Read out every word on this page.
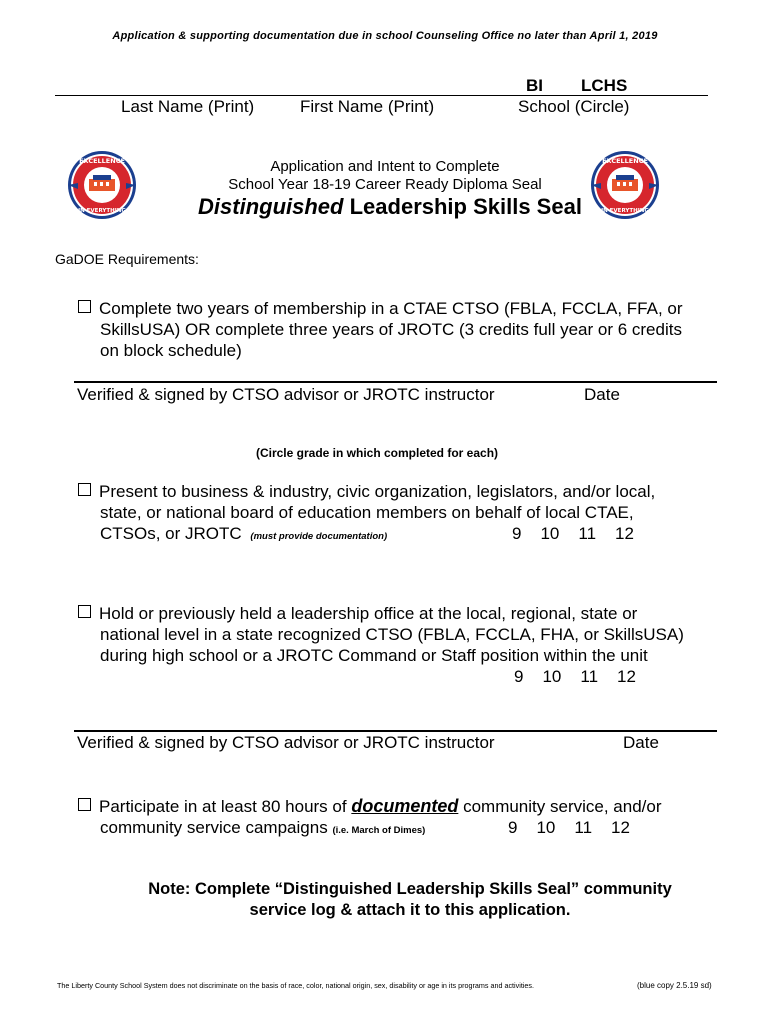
Application & supporting documentation due in school Counseling Office no later than April 1, 2019
BI LCHS
Last Name (Print)	First Name (Print)	School (Circle)
EXCELLENCE
IN EVERYTHING
EXCELLENCE
IN EVERYTHING
Application and Intent to Complete
School Year 18-19 Career Ready Diploma Seal
Distinguished Leadership Skills Seal
GaDOE Requirements:
Complete two years of membership in a CTAE CTSO (FBLA, FCCLA, FFA, or
SkillsUSA) OR complete three years of JROTC (3 credits full year or 6 credits
on block schedule)
Verified & signed by CTSO advisor or JROTC instructor	Date
(Circle grade in which completed for each)
Present to business & industry, civic organization, legislators, and/or local,
state, or national board of education members on behalf of local CTAE,
CTSOs, or JROTC (must provide documentation)	9 10 11 12
Hold or previously held a leadership office at the local, regional, state or
national level in a state recognized CTSO (FBLA, FCCLA, FHA, or SkillsUSA)
during high school or a JROTC Command or Staff position within the unit
9 10 11 12
Verified & signed by CTSO advisor or JROTC instructor	Date
Participate in at least 80 hours of documented community service, and/or
community service campaigns (i.e. March of Dimes)	9 10 11 12
Note: Complete “Distinguished Leadership Skills Seal” community
service log & attach it to this application.
The Liberty County School System does not discriminate on the basis of race, color, national origin, sex, disability or age in its programs and activities.	(blue copy 2.5.19 sd)
